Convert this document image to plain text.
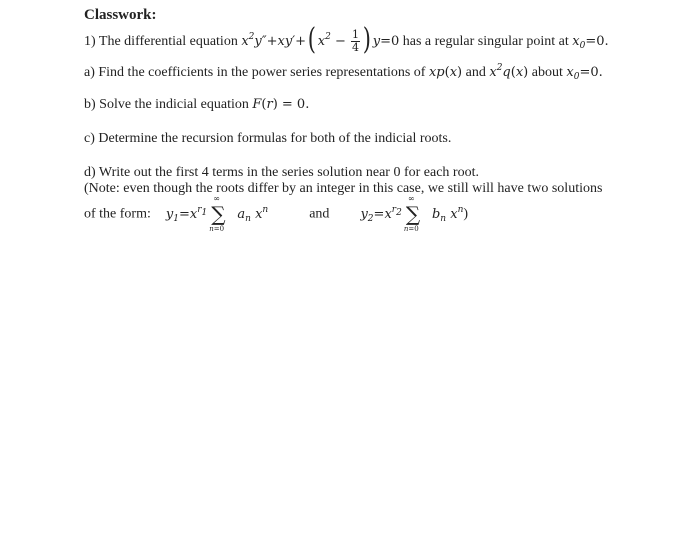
Classwork:
1) The differential equation $x^2y''+xy'+$( $x^2 - \frac{1}{4}$ ) y=0 has a regular singular point at $x_0=0$.
a) Find the coefficients in the power series representations of xp(x) and $x^2q(x)$ about $x_0=0$.
b) Solve the indicial equation F(r) = 0.
c) Determine the recursion formulas for both of the indicial roots.
d) Write out the first 4 terms in the series solution near 0 for each root.
(Note: even though the roots differ by an integer in this case, we still will have two solutions
of the form: $y_1=x^{r_1}$
∞
∑
n=0
$a_n$ $x^n$	and $y_2=x^{r_2}$
∞
∑
n=0
$b_n$ $x^n$)
